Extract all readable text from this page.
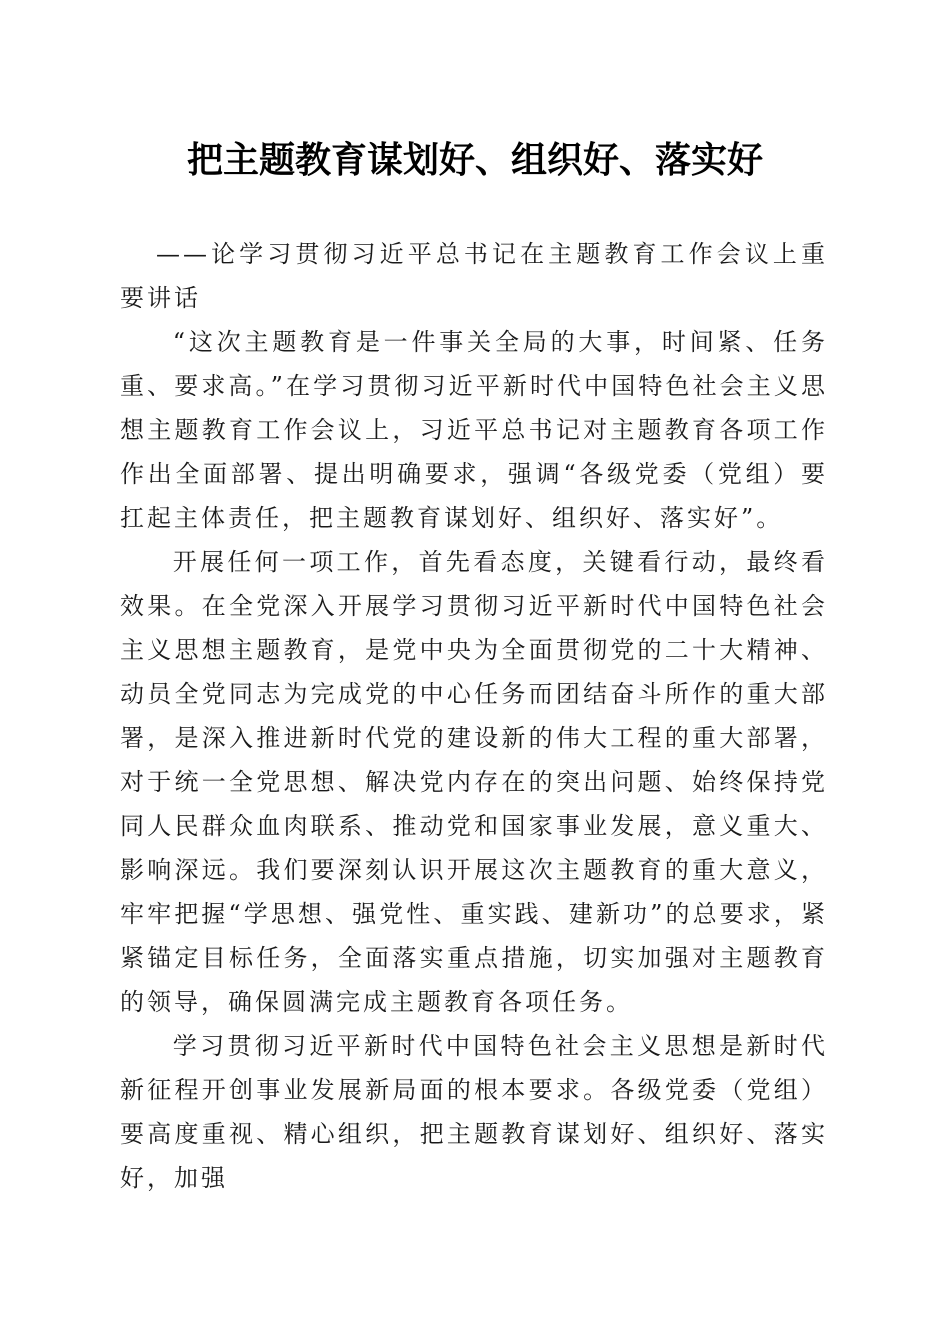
把主题教育谋划好、组织好、落实好

——论学习贯彻习近平总书记在主题教育工作会议上重要讲话

“这次主题教育是一件事关全局的大事，时间紧、任务重、要求高。”在学习贯彻习近平新时代中国特色社会主义思想主题教育工作会议上，习近平总书记对主题教育各项工作作出全面部署、提出明确要求，强调“各级党委（党组）要扛起主体责任，把主题教育谋划好、组织好、落实好”。

开展任何一项工作，首先看态度，关键看行动，最终看效果。在全党深入开展学习贯彻习近平新时代中国特色社会主义思想主题教育，是党中央为全面贯彻党的二十大精神、动员全党同志为完成党的中心任务而团结奋斗所作的重大部署，是深入推进新时代党的建设新的伟大工程的重大部署，对于统一全党思想、解决党内存在的突出问题、始终保持党同人民群众血肉联系、推动党和国家事业发展，意义重大、影响深远。我们要深刻认识开展这次主题教育的重大意义，牢牢把握“学思想、强党性、重实践、建新功”的总要求，紧紧锚定目标任务，全面落实重点措施，切实加强对主题教育的领导，确保圆满完成主题教育各项任务。

学习贯彻习近平新时代中国特色社会主义思想是新时代新征程开创事业发展新局面的根本要求。各级党委（党组）要高度重视、精心组织，把主题教育谋划好、组织好、落实好，加强
